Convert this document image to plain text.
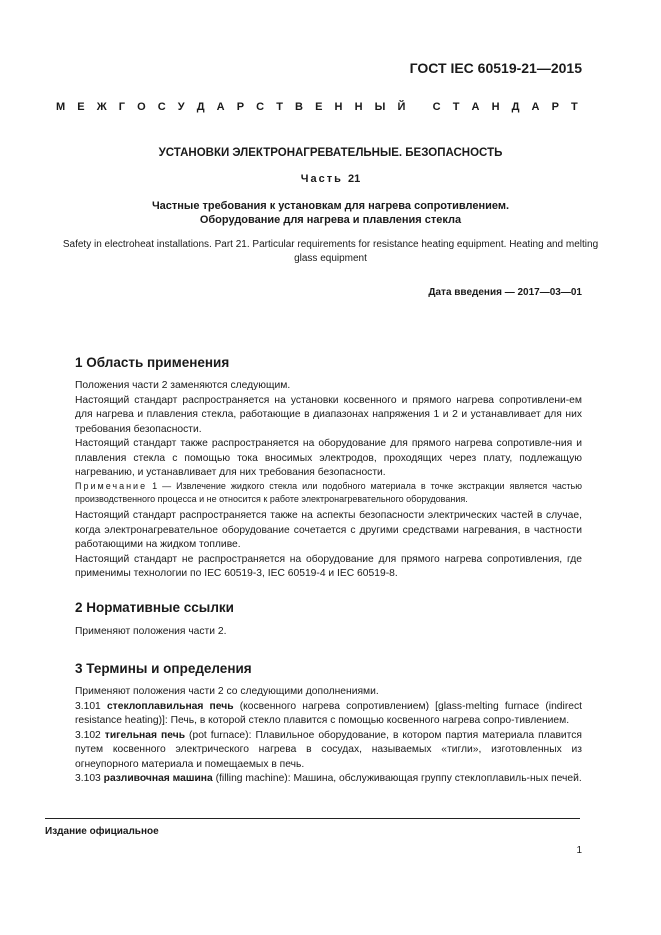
ГОСТ IEC 60519-21—2015
М Е Ж Г О С У Д А Р С Т В Е Н Н Ы Й
С Т А Н Д А Р Т
УСТАНОВКИ ЭЛЕКТРОНАГРЕВАТЕЛЬНЫЕ. БЕЗОПАСНОСТЬ
Часть 21
Частные требования к установкам для нагрева сопротивлением.
Оборудование для нагрева и плавления стекла
Safety in electroheat installations. Part 21. Particular requirements for resistance heating equipment. Heating and melting
glass equipment
Дата введения — 2017—03—01
1 Область применения
Положения части 2 заменяются следующим.
Настоящий стандарт распространяется на установки косвенного и прямого нагрева сопротивлени-ем для нагрева и плавления стекла, работающие в диапазонах напряжения 1 и 2 и устанавливает для них требования безопасности.
Настоящий стандарт также распространяется на оборудование для прямого нагрева сопротивле-ния и плавления стекла с помощью тока вносимых электродов, проходящих через плату, подлежащую нагреванию, и устанавливает для них требования безопасности.
Примечание 1 — Извлечение жидкого стекла или подобного материала в точке экстракции является частью производственного процесса и не относится к работе электронагревательного оборудования.
Настоящий стандарт распространяется также на аспекты безопасности электрических частей в случае, когда электронагревательное оборудование сочетается с другими средствами нагревания, в частности работающими на жидком топливе.
Настоящий стандарт не распространяется на оборудование для прямого нагрева сопротивления, где применимы технологии по IEC 60519-3, IEC 60519-4 и IEC 60519-8.
2 Нормативные ссылки
Применяют положения части 2.
3 Термины и определения
Применяют положения части 2 со следующими дополнениями.
3.101 стеклоплавильная печь (косвенного нагрева сопротивлением) [glass-melting furnace (indirect resistance heating)]: Печь, в которой стекло плавится с помощью косвенного нагрева сопро-тивлением.
3.102 тигельная печь (pot furnace): Плавильное оборудование, в котором партия материала плавится путем косвенного электрического нагрева в сосудах, называемых «тигли», изготовленных из огнеупорного материала и помещаемых в печь.
3.103 разливочная машина (filling machine): Машина, обслуживающая группу стеклоплавиль-ных печей.
Издание официальное
1
